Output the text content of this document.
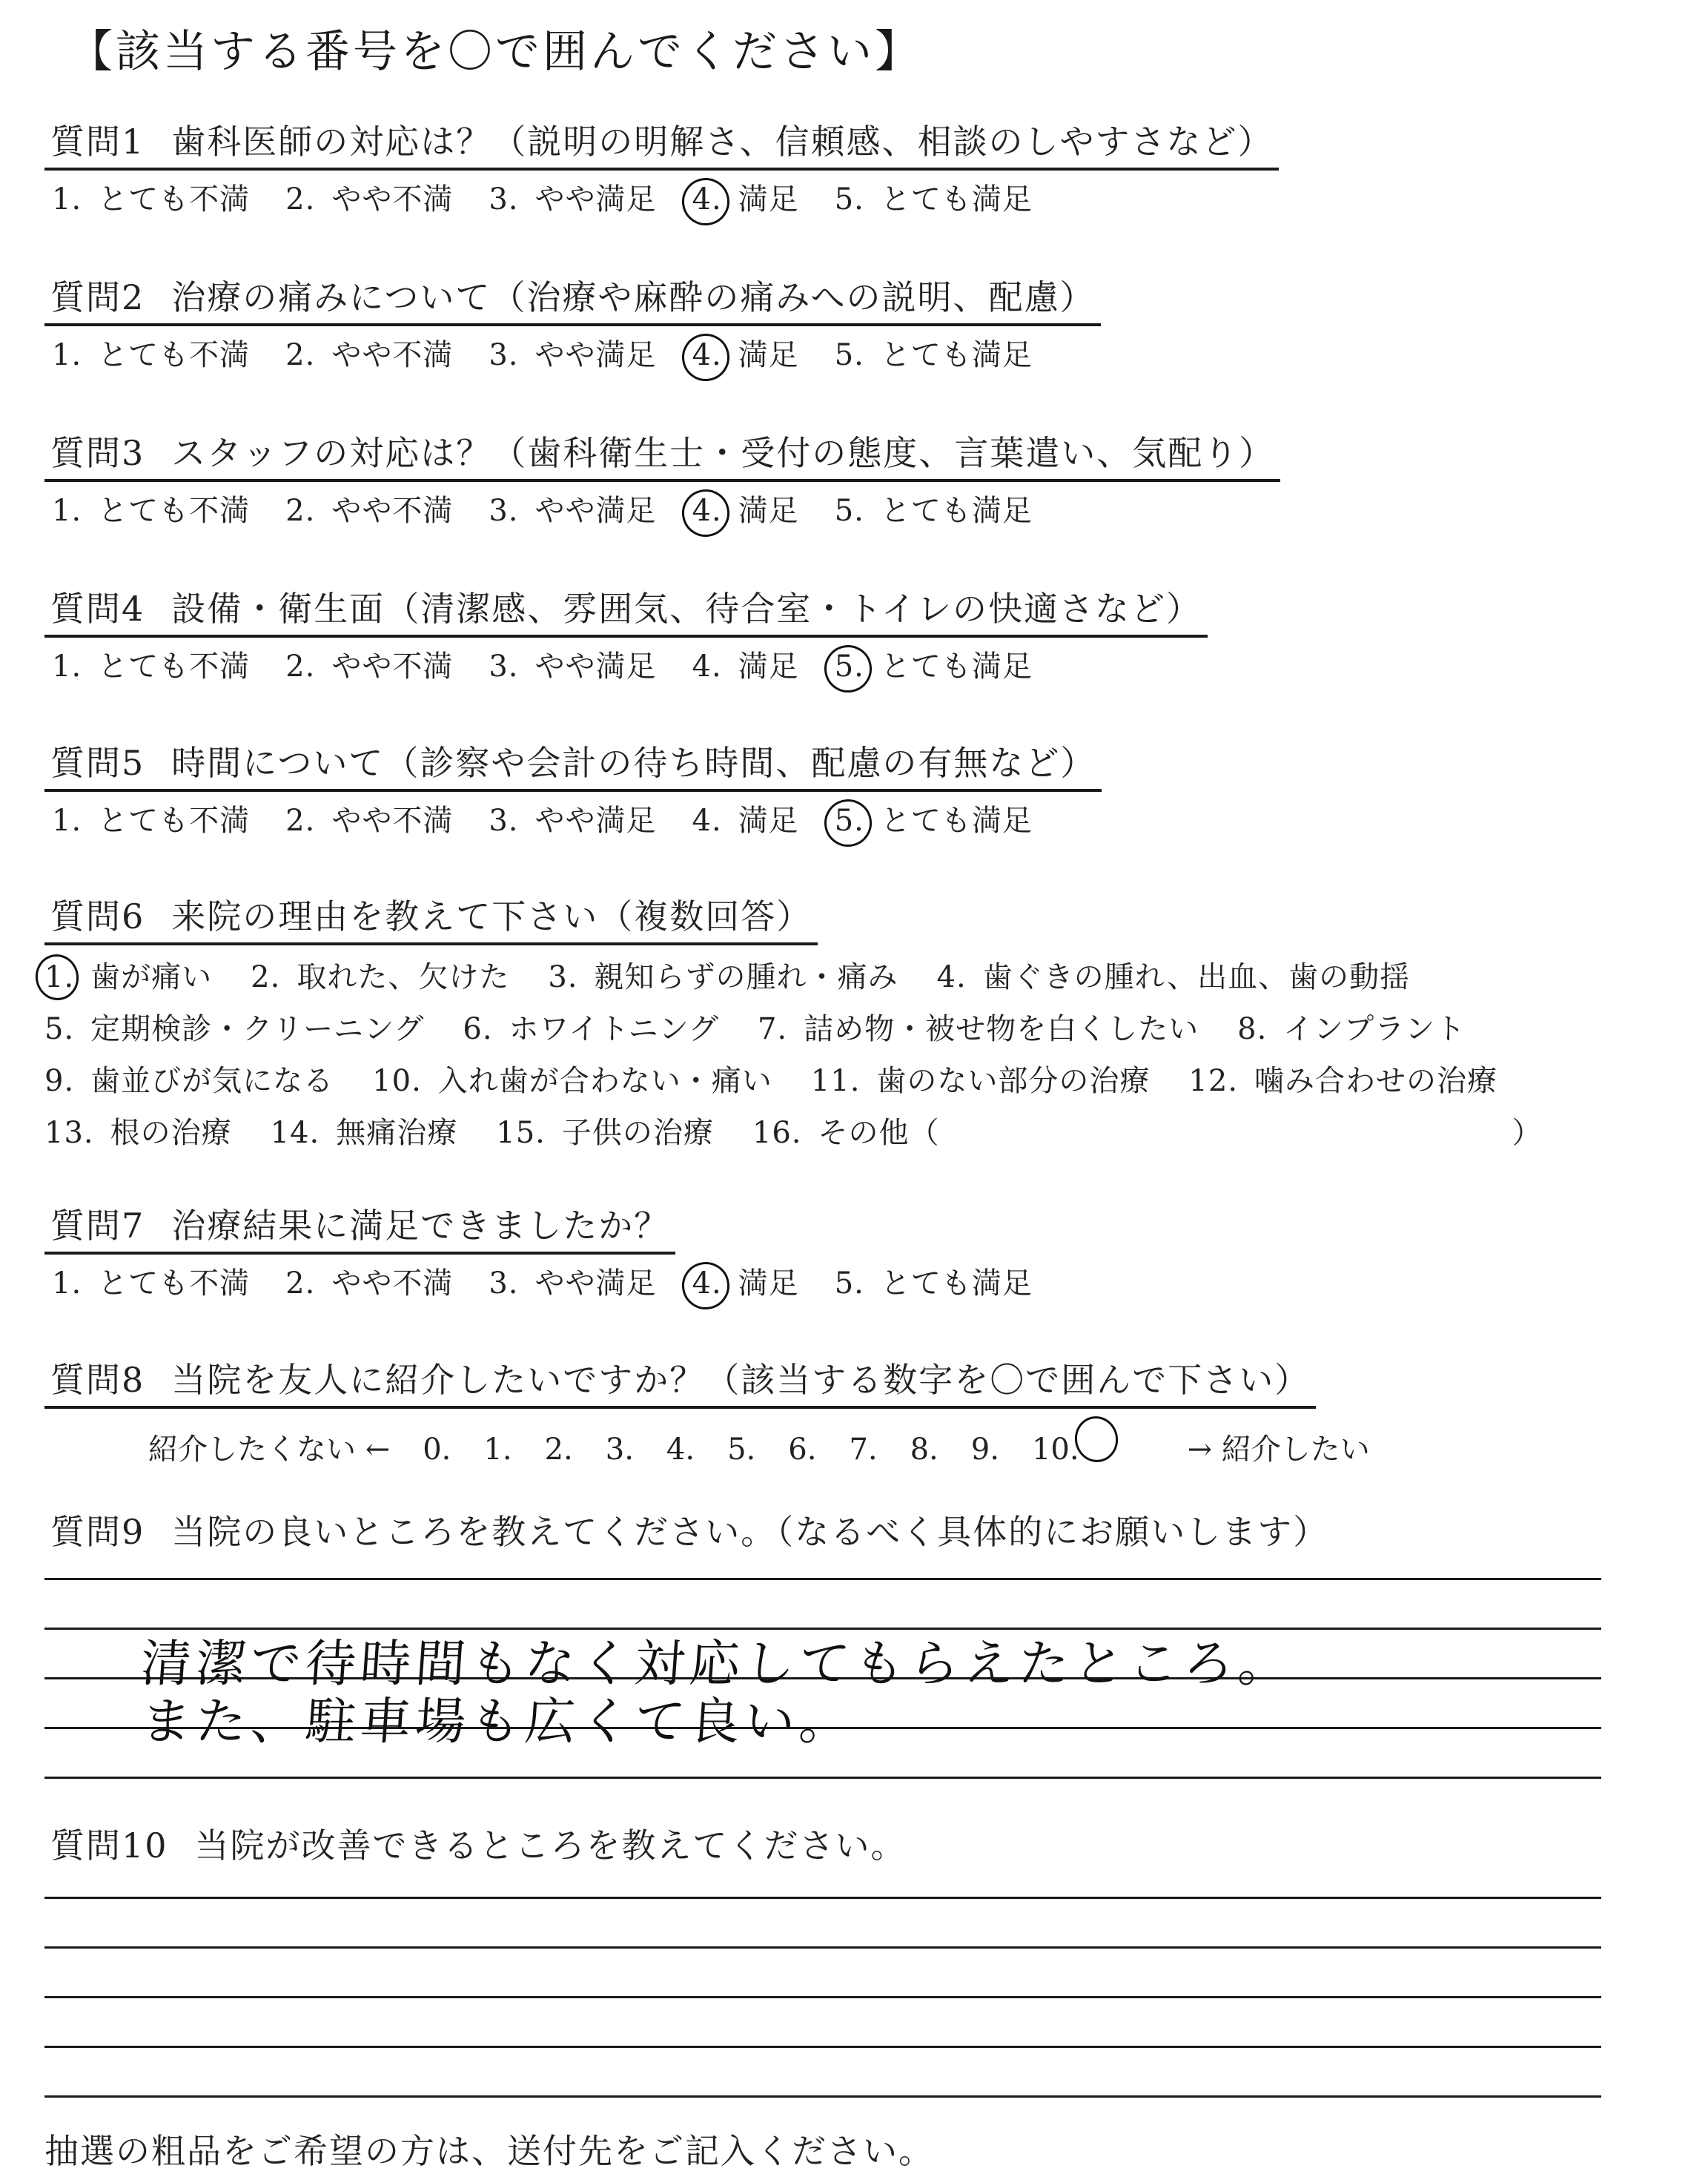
【該当する番号を〇で囲んでください】
質問1 歯科医師の対応は？（説明の明解さ、信頼感、相談のしやすさなど）
1. とても不満 2. やや不満 3. やや満足 4. 満足 5. とても満足
質問2 治療の痛みについて（治療や麻酔の痛みへの説明、配慮）
1. とても不満 2. やや不満 3. やや満足 4. 満足 5. とても満足
質問3 スタッフの対応は？（歯科衛生士・受付の態度、言葉遣い、気配り）
1. とても不満 2. やや不満 3. やや満足 4. 満足 5. とても満足
質問4 設備・衛生面（清潔感、雰囲気、待合室・トイレの快適さなど）
1. とても不満 2. やや不満 3. やや満足 4. 満足 5. とても満足
質問5 時間について（診察や会計の待ち時間、配慮の有無など）
1. とても不満 2. やや不満 3. やや満足 4. 満足 5. とても満足
質問6 来院の理由を教えて下さい（複数回答）
1. 歯が痛い 2. 取れた、欠けた 3. 親知らずの腫れ・痛み 4. 歯ぐきの腫れ、出血、歯の動揺
5. 定期検診・クリーニング 6. ホワイトニング 7. 詰め物・被せ物を白くしたい 8. インプラント
9. 歯並びが気になる 10. 入れ歯が合わない・痛い 11. 歯のない部分の治療 12. 噛み合わせの治療
13. 根の治療 14. 無痛治療 15. 子供の治療 16. その他（	）
質問7 治療結果に満足できましたか？
1. とても不満 2. やや不満 3. やや満足 4. 満足 5. とても満足
質問8 当院を友人に紹介したいですか？（該当する数字を〇で囲んで下さい）
紹介したくない ← 0. 1. 2. 3. 4. 5. 6. 7. 8. 9. 10.	→ 紹介したい
質問9 当院の良いところを教えてください。（なるべく具体的にお願いします）
清潔で待時間もなく対応してもらえたところ。
また、駐車場も広くて良い。
質問10 当院が改善できるところを教えてください。
抽選の粗品をご希望の方は、送付先をご記入ください。
